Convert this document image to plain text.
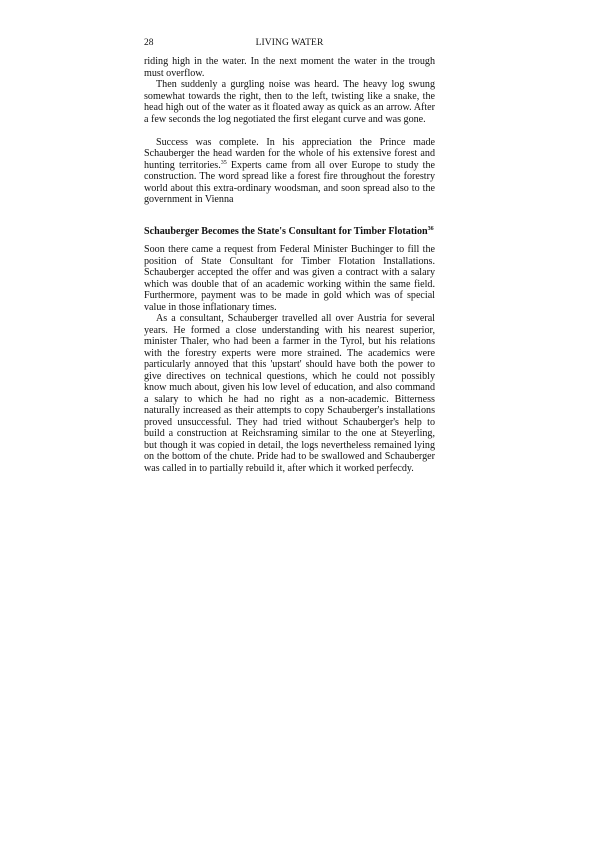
28	LIVING WATER

riding high in the water. In the next moment the water in the trough must overflow.

Then suddenly a gurgling noise was heard. The heavy log swung somewhat towards the right, then to the left, twisting like a snake, the head high out of the water as it floated away as quick as an arrow. After a few seconds the log negotiated the first elegant curve and was gone.

Success was complete. In his appreciation the Prince made Schauberger the head warden for the whole of his extensive forest and hunting territories.$^{35}$ Experts came from all over Europe to study the construction. The word spread like a forest fire throughout the forestry world about this extra-ordinary woodsman, and soon spread also to the government in Vienna

Schauberger Becomes the State's Consultant for Timber Flotation$^{36}$

Soon there came a request from Federal Minister Buchinger to fill the position of State Consultant for Timber Flotation Installations. Schauberger accepted the offer and was given a contract with a salary which was double that of an academic working within the same field. Furthermore, payment was to be made in gold which was of special value in those inflationary times.

As a consultant, Schauberger travelled all over Austria for several years. He formed a close understanding with his nearest superior, minister Thaler, who had been a farmer in the Tyrol, but his relations with the forestry experts were more strained. The academics were particularly annoyed that this 'upstart' should have both the power to give directives on technical questions, which he could not possibly know much about, given his low level of education, and also command a salary to which he had no right as a non-academic. Bitterness naturally increased as their attempts to copy Schauberger's installations proved unsuccessful. They had tried without Schauberger's help to build a construction at Reichsraming similar to the one at Steyerling, but though it was copied in detail, the logs nevertheless remained lying on the bottom of the chute. Pride had to be swallowed and Schauberger was called in to partially rebuild it, after which it worked perfecdy.
